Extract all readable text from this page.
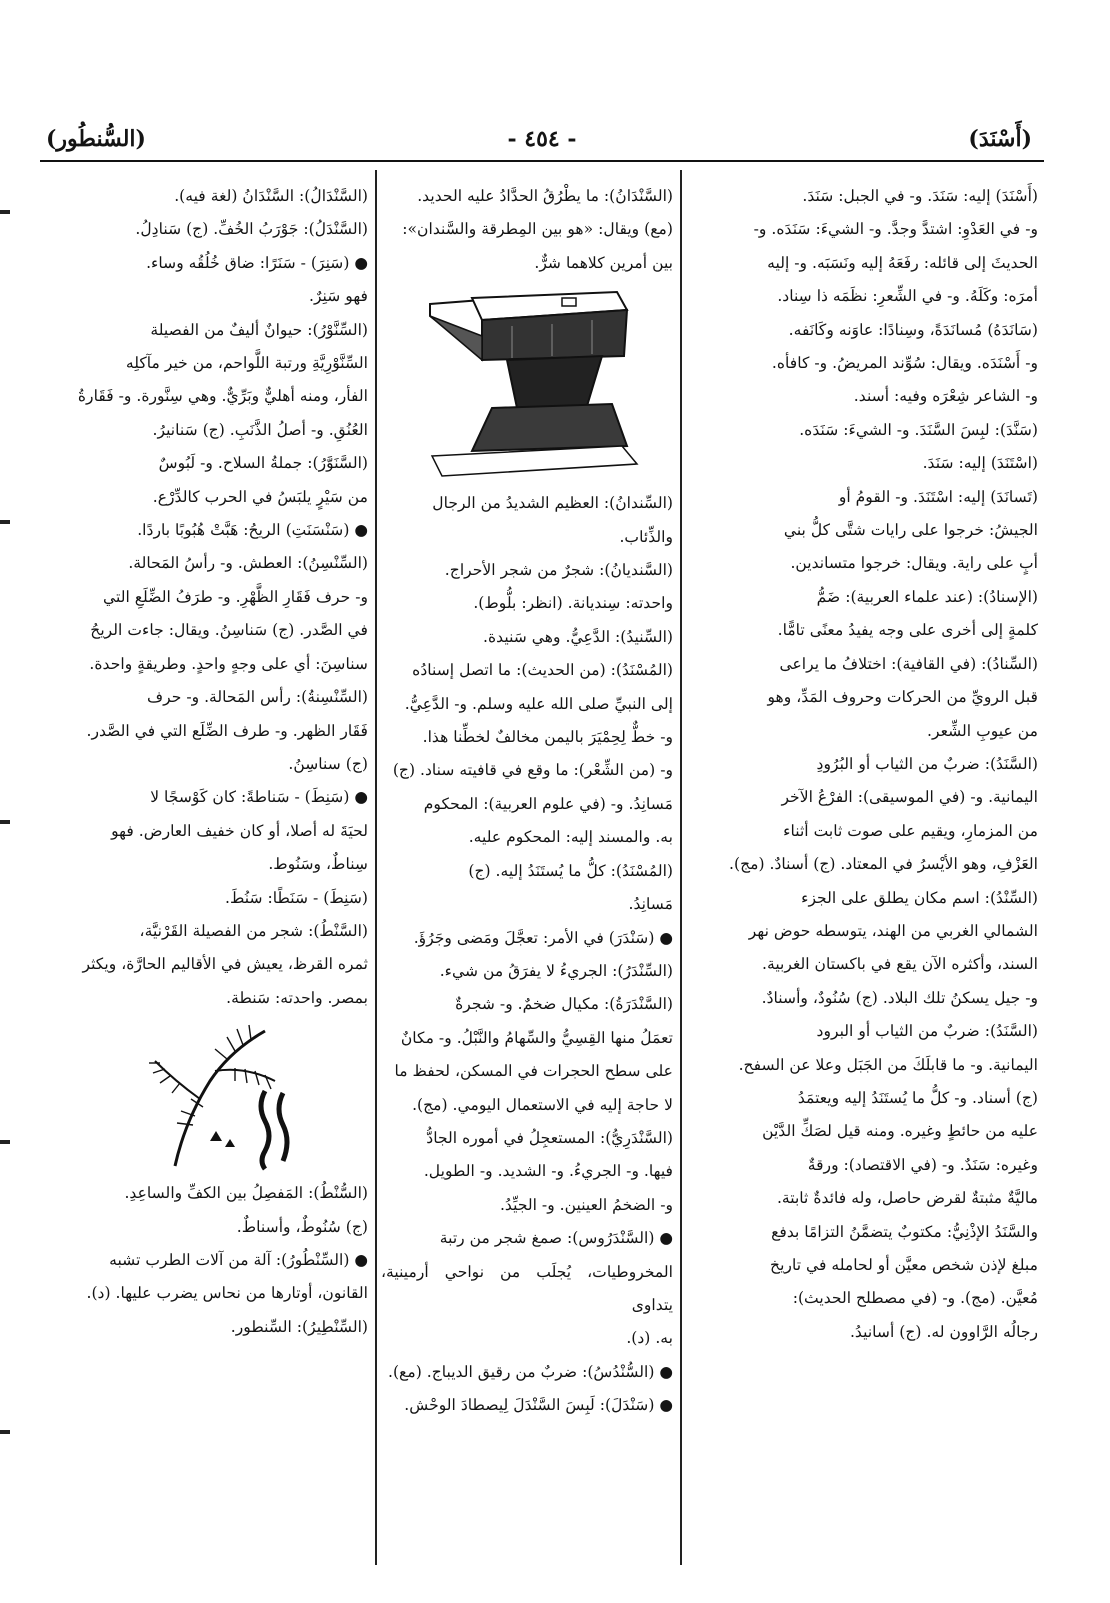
(أَسْنَدَ)
- ٤٥٤ -
(السُّنطُور)

(أَسْنَدَ) إليه: سَنَدَ. و- في الجبل: سَنَدَ.

و- في العَدْوِ: اشتدَّ وجدَّ. و- الشيءَ: سَنَدَه. و-

الحديثَ إلى قائله: رفَعَهُ إليه ونَسَبَه. و- إليه

أمرَه: وكَلَهُ. و- في الشِّعرِ: نظَمَه ذا سِناد.

(سَانَدَهُ) مُسانَدَةً، وسِنادًا: عاوَنه وكَانَفه.

و- أَسْنَدَه. ويقال: سُوِّند المريضُ. و- كافأه.

و- الشاعر شِعْرَه وفيه: أسند.

(سَنَّدَ): لبِسَ السَّنَدَ. و- الشيءَ: سَنَدَه.

(اسْتَنَدَ) إليه: سَنَدَ.

(تَسانَدَ) إليه: اسْتَنَدَ. و- القومُ أو

الجيشُ: خرجوا على رايات شتَّى كلُّ بني

أبٍ على راية. ويقال: خرجوا متساندين.

(الإسنادُ): (عند علماء العربية): ضَمُّ

كلمةٍ إلى أخرى على وجه يفيدُ معنًى تامًّا.

(السِّنادُ): (في القافية): اختلافُ ما يراعى

قبل الرويِّ من الحركات وحروف المَدِّ، وهو

من عيوبِ الشِّعر.

(السَّنَدُ): ضربٌ من الثياب أو البُرُودِ

اليمانية. و- (في الموسيقى): الفرْعُ الآخر

من المزمارِ، ويقيم على صوت ثابت أثناء

العَزْفِ، وهو الأيْسرُ في المعتاد. (ج) أسنادٌ. (مج).

(السِّنْدُ): اسم مكان يطلق على الجزء

الشمالي الغربي من الهند، يتوسطه حوض نهر

السند، وأكثره الآن يقع في باكستان الغربية.

و- جيل يسكنُ تلك البلاد. (ج) سُنُودٌ، وأسنادٌ.

(السَّنَدُ): ضربٌ من الثياب أو البرود

اليمانية. و- ما قابلَكَ من الجَبَل وعلا عن السفح.

(ج) أسناد. و- كلُّ ما يُستَنَدُ إليه ويعتمَدُ

عليه من حائطٍ وغيره. ومنه قيل لصَكِّ الدَّيْن

وغيره: سَنَدٌ. و- (في الاقتصاد): ورقةٌ

ماليَّةٌ مثبتةٌ لقرض حاصل، وله فائدةٌ ثابتة.

والسَّنَدُ الإذْنِيُّ: مكتوبٌ يتضمَّنُ التزامًا بدفع

مبلغ لإذن شخص معيَّن أو لحامله في تاريخ

مُعيَّن. (مج). و- (في مصطلح الحديث):

رجالُه الرَّاوون له. (ج) أسانيدُ.

(السَّنْدَانُ): ما يطْرُقُ الحدَّادُ عليه الحديد.

(مع) ويقال: «هو بين المِطرقة والسَّندان»:

بين أمرين كلاهما شرٌّ.

(السِّندانُ): العظيم الشديدُ من الرجال

والذِّئاب.

(السَّنديانُ): شجرٌ من شجر الأحراج.

واحدته: سِنديانة. (انظر: بلُّوط).

(السِّنيدُ): الدَّعِيُّ. وهي سَنيدة.

(المُسْنَدُ): (من الحديث): ما اتصل إسنادُه

إلى النبيِّ صلى الله عليه وسلم. و- الدَّعِيُّ.

و- خطٌّ لِحِمْيَرَ باليمن مخالفٌ لخطِّنا هذا.

و- (من الشِّعْر): ما وقع في قافيته سناد. (ج)

مَسانِدُ. و- (في علوم العربية): المحكوم

به. والمسند إليه: المحكوم عليه.

(المُسْنَدُ): كلُّ ما يُستَنَدُ إليه. (ج)

مَسانِدُ.

● (سَنْدَرَ) في الأمر: تعجَّلَ ومَضى وجَرُؤَ.

(السِّنْدَرُ): الجريءُ لا يفرَقُ من شيء.

(السَّنْدَرَةُ): مكيال ضخمٌ. و- شجرةٌ

تعمَلُ منها القِسِيُّ والسِّهامُ والنَّبْلُ. و- مكانٌ

على سطح الحجرات في المسكن، لحفظ ما

لا حاجة إليه في الاستعمال اليومي. (مج).

(السَّنْدَرِيُّ): المستعجِلُ في أموره الجادُّ

فيها. و- الجريءُ. و- الشديد. و- الطويل.

و- الضخمُ العينين. و- الجيِّدُ.

● (السَّنْدَرُوس): صمغ شجر من رتبة

المخروطيات، يُجلَب من نواحي أرمينية، يتداوى

به. (د).

● (السُّنْدُسُ): ضربٌ من رقيق الديباج. (مع).

● (سَنْدَلَ): لَبِسَ السَّنْدَلَ لِيصطادَ الوحْش.

(السَّنْدَالُ): السَّنْدَانُ (لغة فيه).

(السَّنْدَلُ): جَوْرَبُ الخُفِّ. (ج) سَنادِلُ.

● (سَنِرَ) - سَنَرًا: ضاق خُلُقُه وساء.

فهو سَنِرٌ.

(السِّنَّوْرُ): حيوانٌ أليفٌ من الفصيلة

السِّنَّوْرِيَّةِ ورتبة اللَّواحم، من خير مآكلِه

الفأر، ومنه أهليٌّ وبَرِّيٌّ. وهي سِنَّورة. و- فَقَارةُ

العُنُقِ. و- أصلُ الذَّنَبِ. (ج) سَنانيرُ.

(السَّنَوَّرُ): جملةُ السلاح. و- لَبُوسٌ

من سَيْرٍ يلبَسُ في الحرب كالدِّرْع.

● (سَنْسَنَتِ) الريحُ: هَبَّتْ هُبُوبًا باردًا.

(السِّنْسِنُ): العطش. و- رأسُ المَحالة.

و- حرف فَقَارِ الظَّهْرِ. و- طرَفُ الضِّلَعِ التي

في الصَّدر. (ج) سَناسِنُ. ويقال: جاءت الريحُ

سناسِنَ: أي على وجهٍ واحدٍ. وطريقةٍ واحدة.

(السِّنْسِنةُ): رأس المَحالة. و- حرف

فَقَار الظهر. و- طرف الضِّلَع التي في الصَّدر.

(ج) سناسِنُ.

● (سَنِطَ) - سَناطةً: كان كَوْسجًا لا

لحيَةَ له أصلا، أو كان خفيف العارض. فهو

سِناطٌ، وسَنُوط.

(سَنِطَ) - سَنَطًا: سَنُطَ.

(السَّنْطُ): شجر من الفصيلة القَرْنيَّة،

ثمره القرظ، يعيش في الأقاليم الحارَّة، ويكثر

بمصر. واحدته: سَنطة.

(السُّنْطُ): المَفصِلُ بين الكفِّ والساعِدِ.

(ج) سُنُوطٌ، وأسناطٌ.

● (السِّنْطُورُ): آلة من آلات الطرب تشبه

القانون، أوتارها من نحاس يضرب عليها. (د).

(السِّنْطِيرُ): السِّنطور.
